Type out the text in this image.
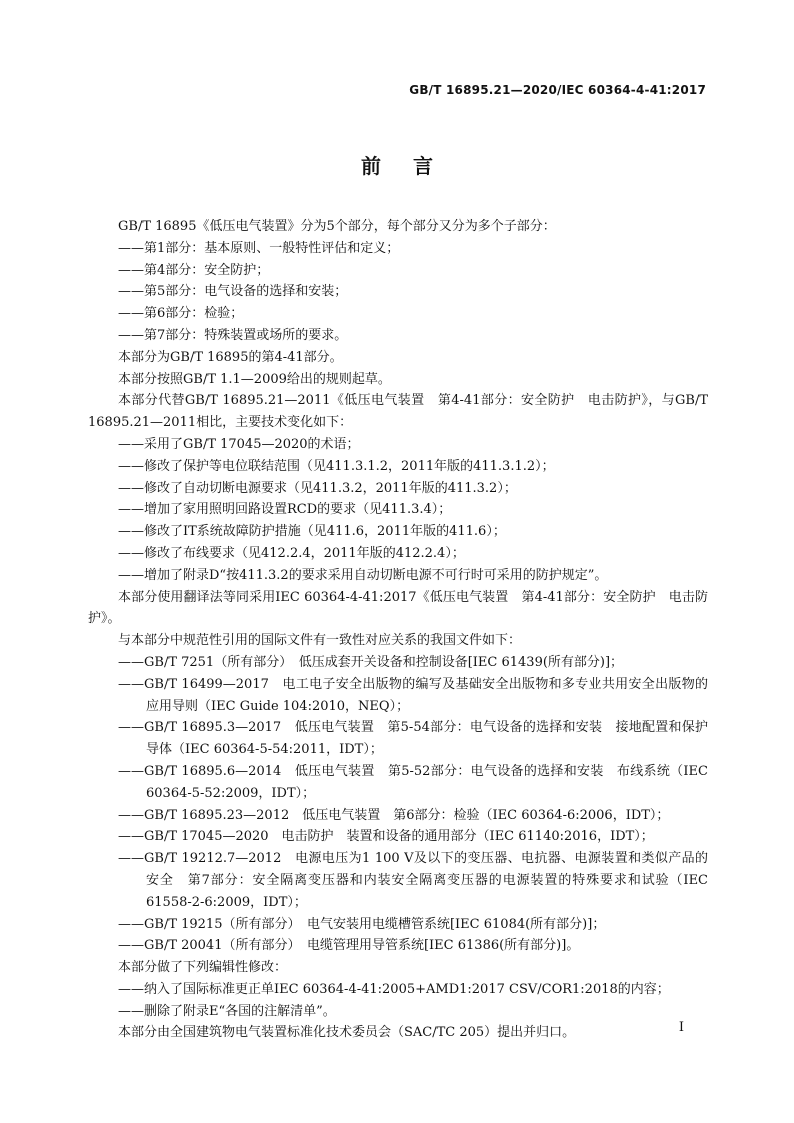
GB/T 16895.21—2020/IEC 60364-4-41:2017
前言

GB/T 16895《低压电气装置》分为5个部分，每个部分又分为多个子部分：

——第1部分：基本原则、一般特性评估和定义；

——第4部分：安全防护；

——第5部分：电气设备的选择和安装；

——第6部分：检验；

——第7部分：特殊装置或场所的要求。

本部分为GB/T 16895的第4-41部分。

本部分按照GB/T 1.1—2009给出的规则起草。

本部分代替GB/T 16895.21—2011《低压电气装置　第4-41部分：安全防护　电击防护》，与GB/T 16895.21—2011相比，主要技术变化如下：

——采用了GB/T 17045—2020的术语；

——修改了保护等电位联结范围（见411.3.1.2，2011年版的411.3.1.2）；

——修改了自动切断电源要求（见411.3.2，2011年版的411.3.2）；

——增加了家用照明回路设置RCD的要求（见411.3.4）；

——修改了IT系统故障防护措施（见411.6，2011年版的411.6）；

——修改了布线要求（见412.2.4，2011年版的412.2.4）；

——增加了附录D“按411.3.2的要求采用自动切断电源不可行时可采用的防护规定”。

本部分使用翻译法等同采用IEC 60364-4-41:2017《低压电气装置　第4-41部分：安全防护　电击防护》。

与本部分中规范性引用的国际文件有一致性对应关系的我国文件如下：

——GB/T 7251（所有部分）　低压成套开关设备和控制设备[IEC 61439(所有部分)]；

——GB/T 16499—2017　电工电子安全出版物的编写及基础安全出版物和多专业共用安全出版物的应用导则（IEC Guide 104:2010，NEQ）；

——GB/T 16895.3—2017　低压电气装置　第5-54部分：电气设备的选择和安装　接地配置和保护导体（IEC 60364-5-54:2011，IDT）；

——GB/T 16895.6—2014　低压电气装置　第5-52部分：电气设备的选择和安装　布线系统（IEC 60364-5-52:2009，IDT）；

——GB/T 16895.23—2012　低压电气装置　第6部分：检验（IEC 60364-6:2006，IDT）；

——GB/T 17045—2020　电击防护　装置和设备的通用部分（IEC 61140:2016，IDT）；

——GB/T 19212.7—2012　电源电压为1 100 V及以下的变压器、电抗器、电源装置和类似产品的安全　第7部分：安全隔离变压器和内装安全隔离变压器的电源装置的特殊要求和试验（IEC 61558-2-6:2009，IDT）；

——GB/T 19215（所有部分）　电气安装用电缆槽管系统[IEC 61084(所有部分)]；

——GB/T 20041（所有部分）　电缆管理用导管系统[IEC 61386(所有部分)]。

本部分做了下列编辑性修改：

——纳入了国际标准更正单IEC 60364-4-41:2005+AMD1:2017 CSV/COR1:2018的内容；

——删除了附录E“各国的注解清单”。

本部分由全国建筑物电气装置标准化技术委员会（SAC/TC 205）提出并归口。	I
